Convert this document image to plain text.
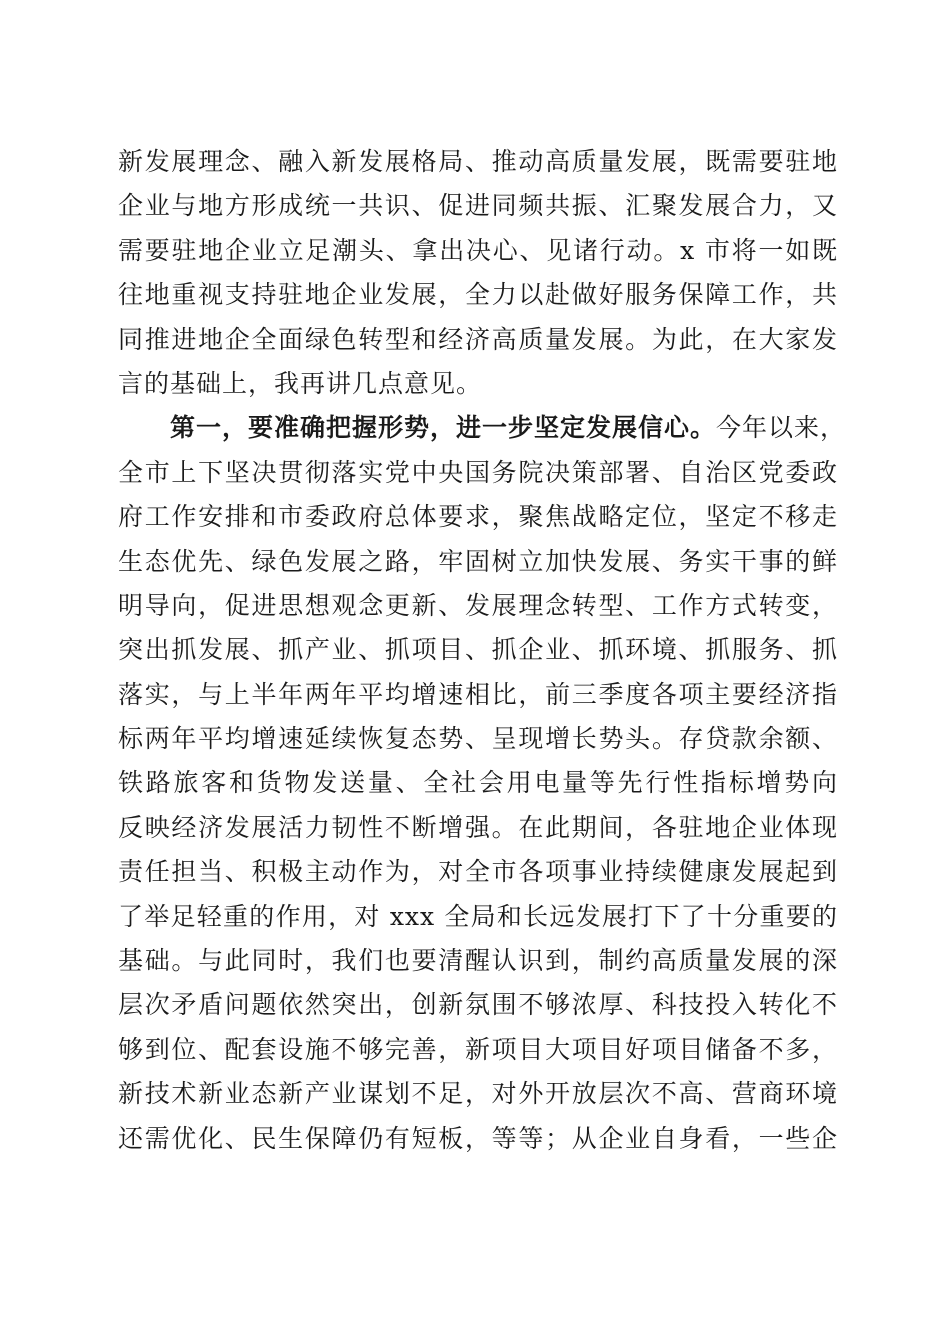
新发展理念、融入新发展格局、推动高质量发展，既需要驻地
企业与地方形成统一共识、促进同频共振、汇聚发展合力，又
需要驻地企业立足潮头、拿出决心、见诸行动。x 市将一如既
往地重视支持驻地企业发展，全力以赴做好服务保障工作，共
同推进地企全面绿色转型和经济高质量发展。为此，在大家发
言的基础上，我再讲几点意见。
第一，要准确把握形势，进一步坚定发展信心。今年以来，
全市上下坚决贯彻落实党中央国务院决策部署、自治区党委政
府工作安排和市委政府总体要求，聚焦战略定位，坚定不移走
生态优先、绿色发展之路，牢固树立加快发展、务实干事的鲜
明导向，促进思想观念更新、发展理念转型、工作方式转变，
突出抓发展、抓产业、抓项目、抓企业、抓环境、抓服务、抓
落实，与上半年两年平均增速相比，前三季度各项主要经济指
标两年平均增速延续恢复态势、呈现增长势头。存贷款余额、
铁路旅客和货物发送量、全社会用电量等先行性指标增势向
反映经济发展活力韧性不断增强。在此期间，各驻地企业体现
责任担当、积极主动作为，对全市各项事业持续健康发展起到
了举足轻重的作用，对 xxx 全局和长远发展打下了十分重要的
基础。与此同时，我们也要清醒认识到，制约高质量发展的深
层次矛盾问题依然突出，创新氛围不够浓厚、科技投入转化不
够到位、配套设施不够完善，新项目大项目好项目储备不多，
新技术新业态新产业谋划不足，对外开放层次不高、营商环境
还需优化、民生保障仍有短板，等等；从企业自身看，一些企
